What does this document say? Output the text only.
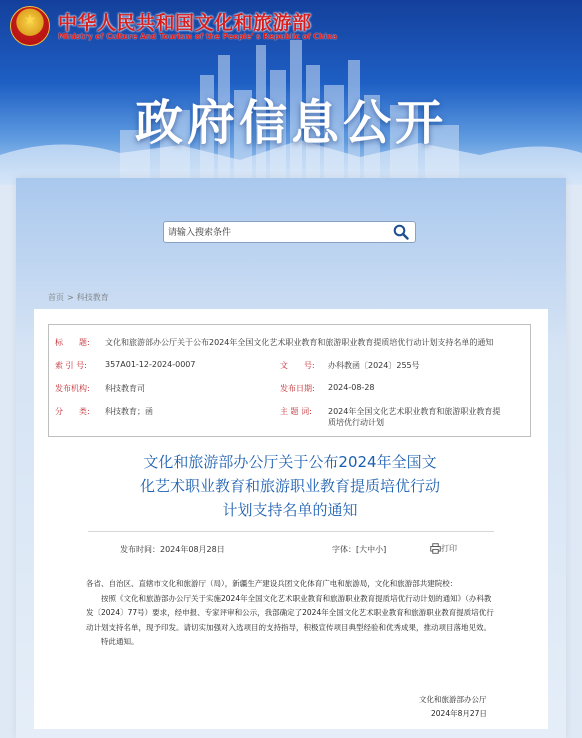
★	中华人民共和国文化和旅游部
Ministry of Culture And Tourism of the People' s Republic of China
政府信息公开
请输入搜索条件
首页 > 科技教育
标　　题: 文化和旅游部办公厅关于公布2024年全国文化艺术职业教育和旅游职业教育提质培优行动计划支持名单的通知
索 引 号: 357A01-12-2024-0007	文　　号: 办科教函〔2024〕255号
发布机构: 科技教育司	发布日期: 2024-08-28
分　　类: 科技教育；函	主 题 词: 2024年全国文化艺术职业教育和旅游职业教育提质培优行动计划
文化和旅游部办公厅关于公布2024年全国文化艺术职业教育和旅游职业教育提质培优行动计划支持名单的通知
发布时间：2024年08月28日	字体：[大中小]	打印

各省、自治区、直辖市文化和旅游厅（局），新疆生产建设兵团文化体育广电和旅游局，文化和旅游部共建院校：

按照《文化和旅游部办公厅关于实施2024年全国文化艺术职业教育和旅游职业教育提质培优行动计划的通知》（办科教发〔2024〕77号）要求，经申报、专家评审和公示，我部确定了2024年全国文化艺术职业教育和旅游职业教育提质培优行动计划支持名单，现予印发。请切实加强对入选项目的支持指导，积极宣传项目典型经验和优秀成果，推动项目落地见效。

特此通知。

文化和旅游部办公厅
2024年8月27日
